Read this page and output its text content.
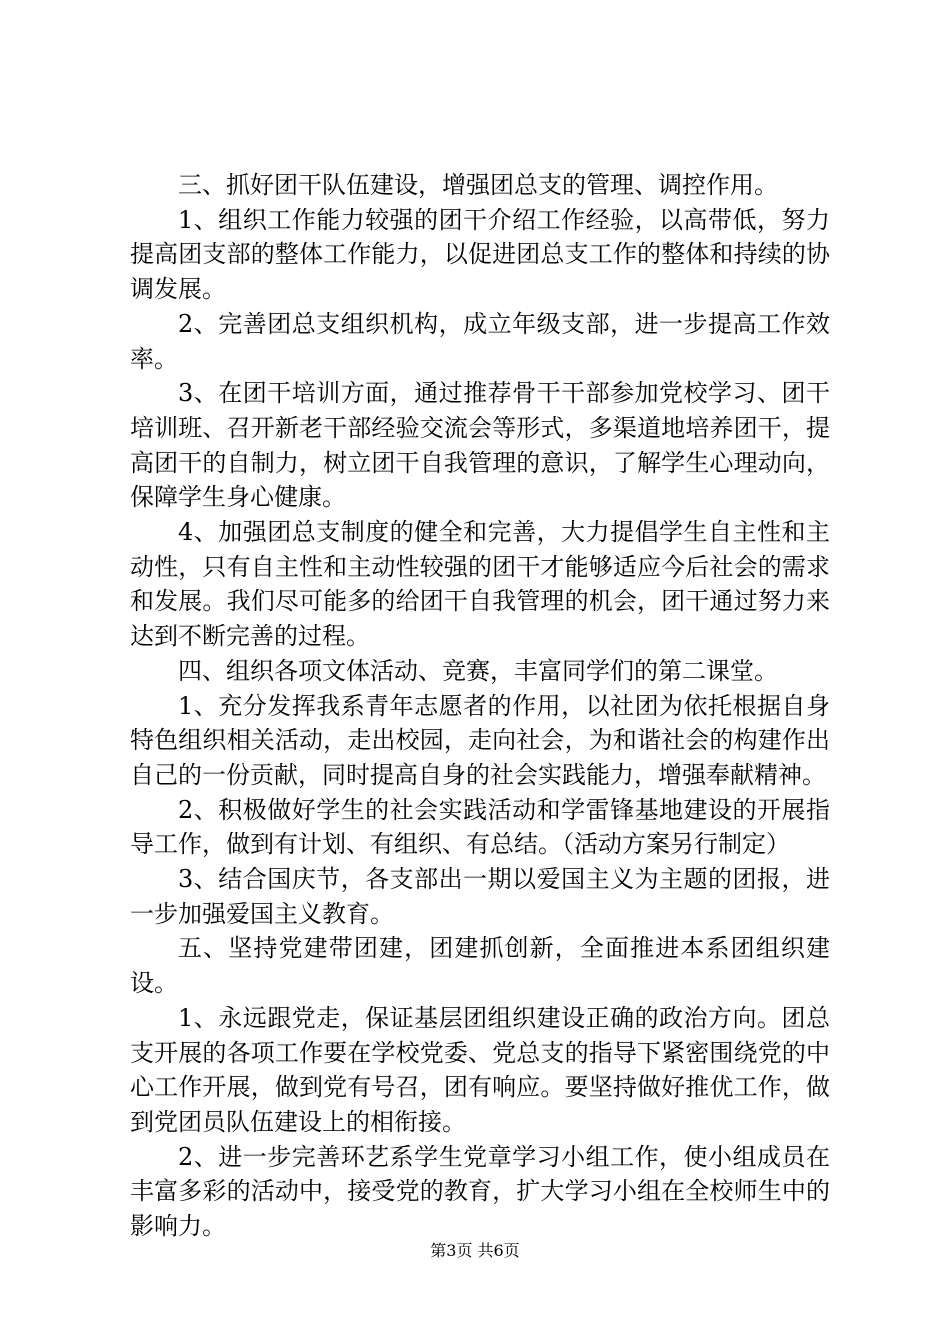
三、抓好团干队伍建设，增强团总支的管理、调控作用。

1、组织工作能力较强的团干介绍工作经验，以高带低，努力提高团支部的整体工作能力，以促进团总支工作的整体和持续的协调发展。

2、完善团总支组织机构，成立年级支部，进一步提高工作效率。

3、在团干培训方面，通过推荐骨干干部参加党校学习、团干培训班、召开新老干部经验交流会等形式，多渠道地培养团干，提高团干的自制力，树立团干自我管理的意识，了解学生心理动向，保障学生身心健康。

4、加强团总支制度的健全和完善，大力提倡学生自主性和主动性，只有自主性和主动性较强的团干才能够适应今后社会的需求和发展。我们尽可能多的给团干自我管理的机会，团干通过努力来达到不断完善的过程。

四、组织各项文体活动、竞赛，丰富同学们的第二课堂。

1、充分发挥我系青年志愿者的作用，以社团为依托根据自身特色组织相关活动，走出校园，走向社会，为和谐社会的构建作出自己的一份贡献，同时提高自身的社会实践能力，增强奉献精神。

2、积极做好学生的社会实践活动和学雷锋基地建设的开展指导工作，做到有计划、有组织、有总结。（活动方案另行制定）

3、结合国庆节，各支部出一期以爱国主义为主题的团报，进一步加强爱国主义教育。

五、坚持党建带团建，团建抓创新，全面推进本系团组织建设。

1、永远跟党走，保证基层团组织建设正确的政治方向。团总支开展的各项工作要在学校党委、党总支的指导下紧密围绕党的中心工作开展，做到党有号召，团有响应。要坚持做好推优工作，做到党团员队伍建设上的相衔接。

2、进一步完善环艺系学生党章学习小组工作，使小组成员在丰富多彩的活动中，接受党的教育，扩大学习小组在全校师生中的影响力。

第3页 共6页
